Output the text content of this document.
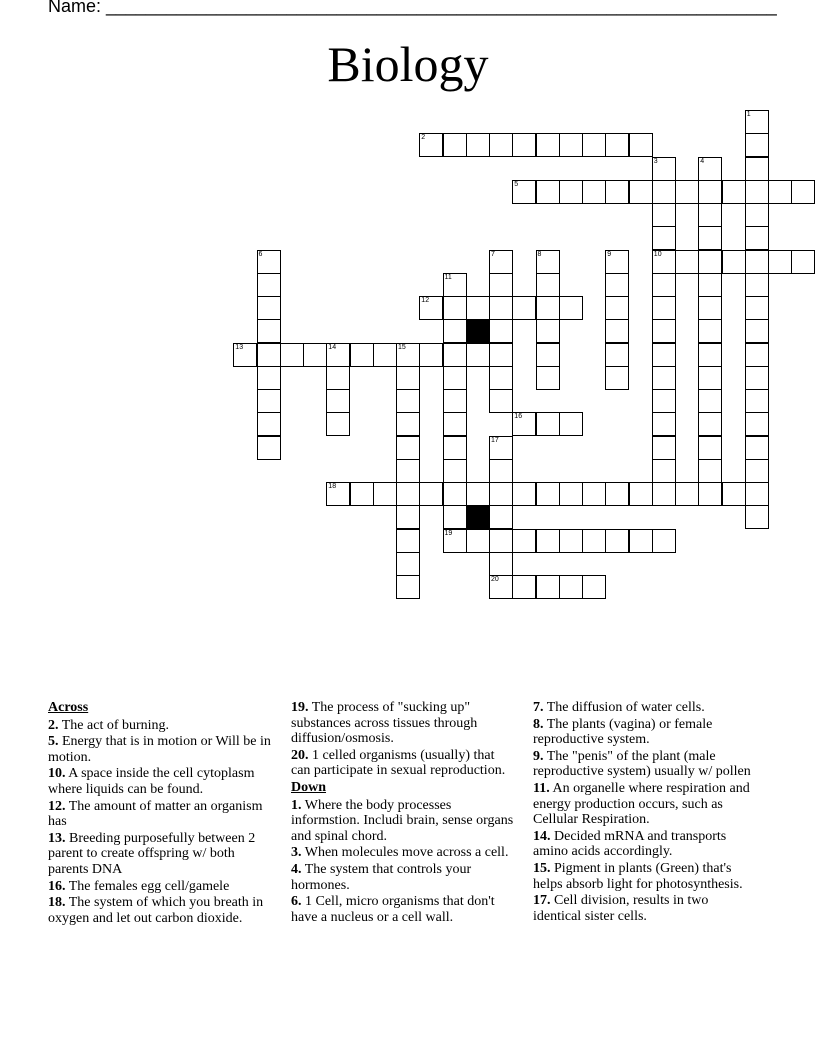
Name: ___________________________________________________________________
Biology
1
2
3
10
4
5
6	7	8	9
11
19
12
13	14	15
16
17
20
18
Across
2. The act of burning.
5. Energy that is in motion or Will be in motion.
10. A space inside the cell cytoplasm where liquids can be found.
12. The amount of matter an organism has
13. Breeding purposefully between 2 parent to create offspring w/ both parents DNA
16. The females egg cell/gamele
18. The system of which you breath in oxygen and let out carbon dioxide.
19. The process of "sucking up" substances across tissues through diffusion/osmosis.
20. 1 celled organisms (usually) that can participate in sexual reproduction.
Down
1. Where the body processes informstion. Includi brain, sense organs and spinal chord.
3. When molecules move across a cell.
4. The system that controls your hormones.
6. 1 Cell, micro organisms that don't have a nucleus or a cell wall.
7. The diffusion of water cells.
8. The plants (vagina) or female reproductive system.
9. The "penis" of the plant (male reproductive system) usually w/ pollen
11. An organelle where respiration and energy production occurs, such as Cellular Respiration.
14. Decided mRNA and transports amino acids accordingly.
15. Pigment in plants (Green) that's helps absorb light for photosynthesis.
17. Cell division, results in two identical sister cells.
